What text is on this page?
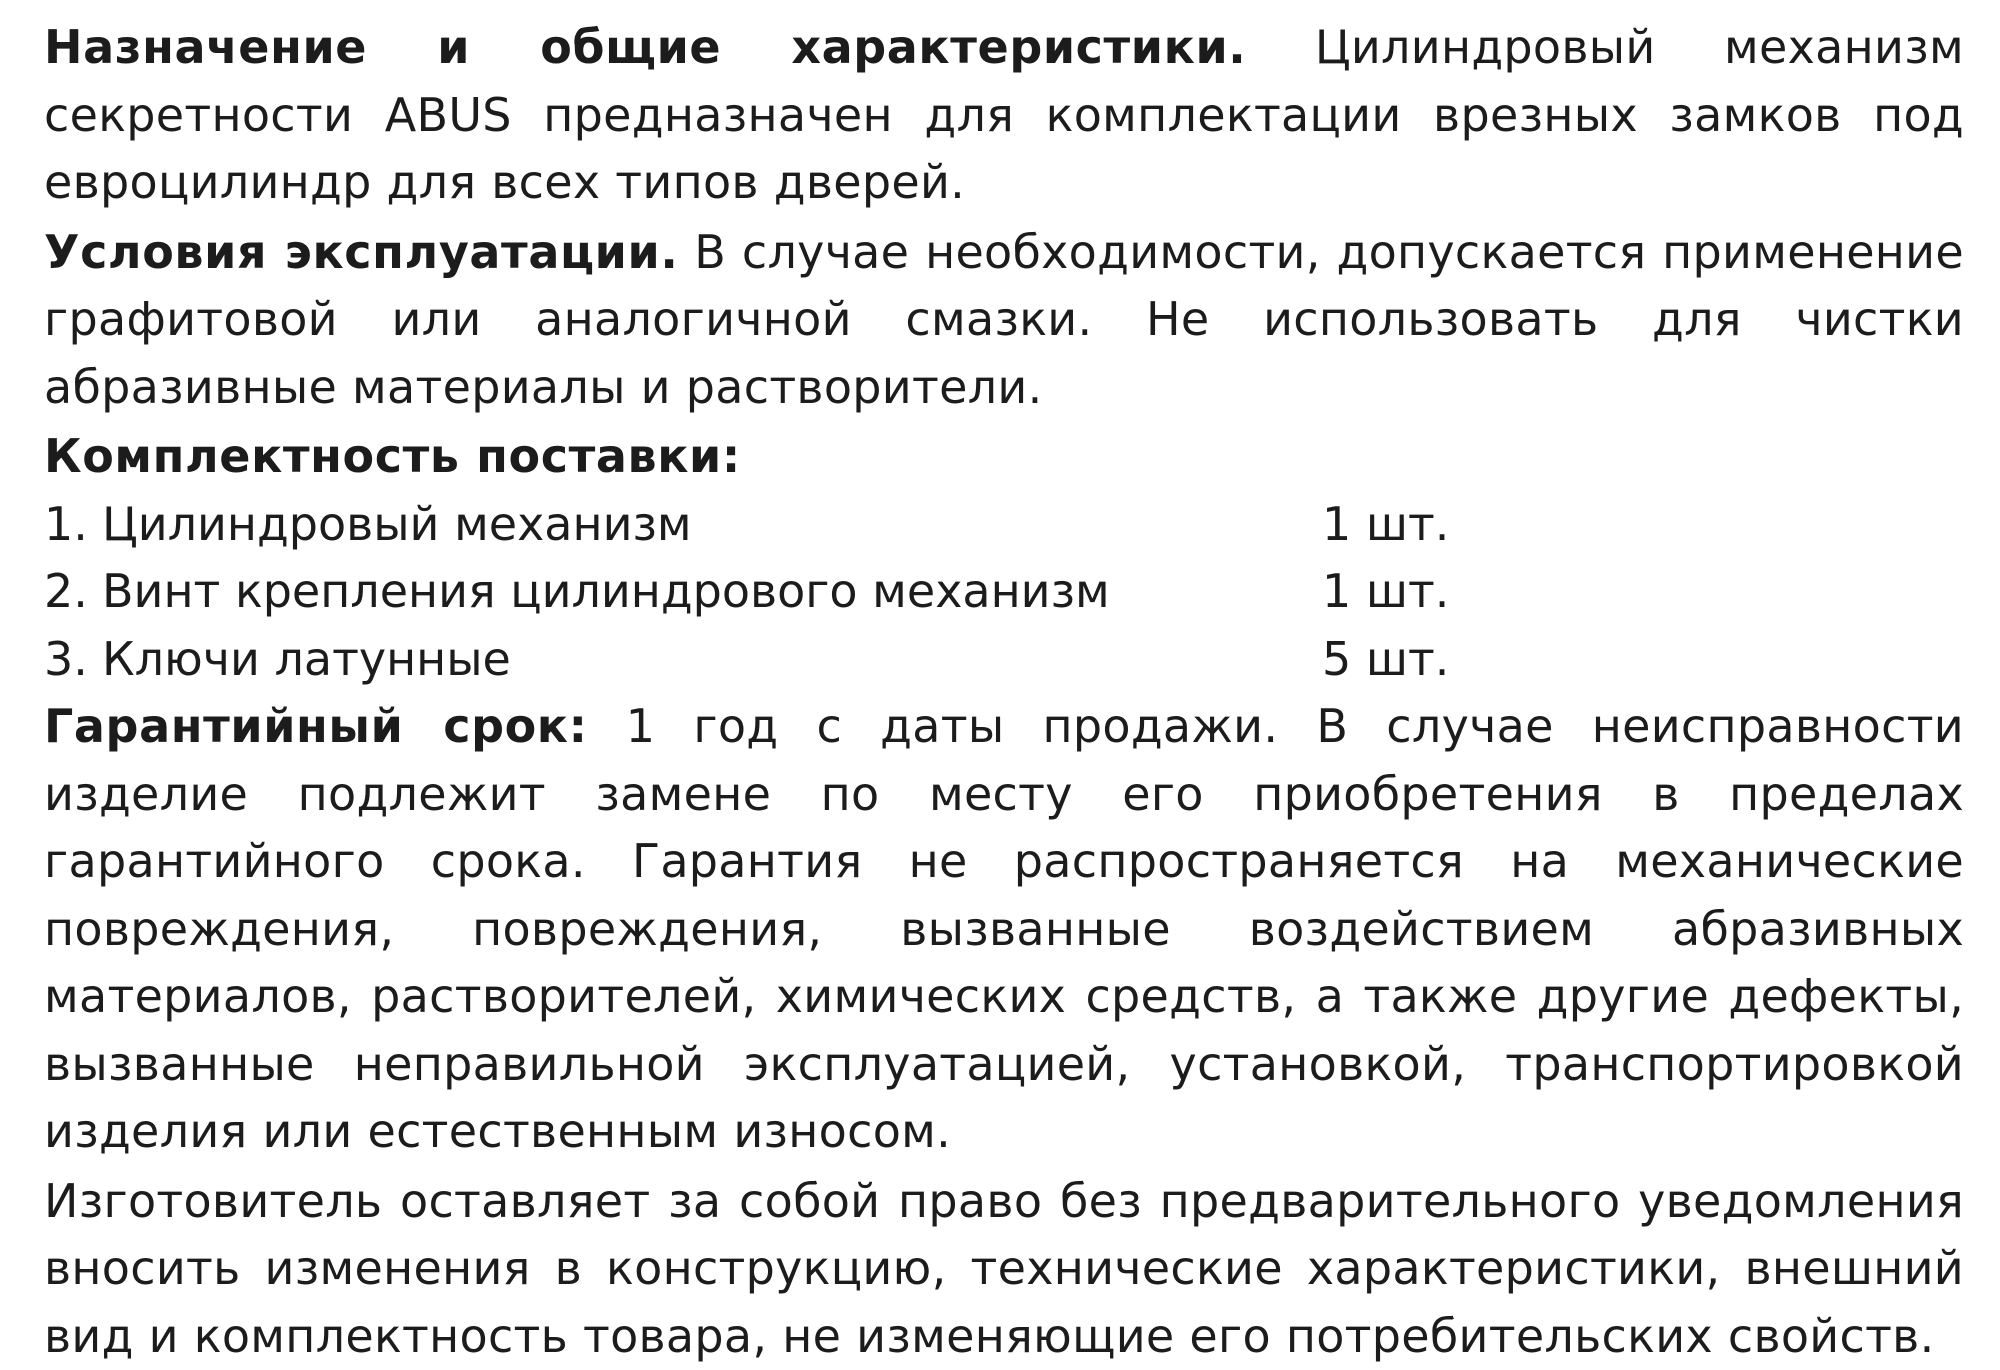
Назначение и общие характеристики. Цилиндровый механизм секретности ABUS предназначен для комплектации врезных замков под евроцилиндр для всех типов дверей.

Условия эксплуатации. В случае необходимости, допускается применение графитовой или аналогичной смазки. Не использовать для чистки абразивные материалы и растворители.

Комплектность поставки:
1. Цилиндровый механизм	1 шт.
2. Винт крепления цилиндрового механизм	1 шт.
3. Ключи латунные	5 шт.

Гарантийный срок: 1 год с даты продажи. В случае неисправности изделие подлежит замене по месту его приобретения в пределах гарантийного срока. Гарантия не распространяется на механические повреждения, повреждения, вызванные воздействием абразивных материалов, растворителей, химических средств, а также другие дефекты, вызванные неправильной эксплуатацией, установкой, транспортировкой изделия или естественным износом.

Изготовитель оставляет за собой право без предварительного уведомления вносить изменения в конструкцию, технические характеристики, внешний вид и комплектность товара, не изменяющие его потребительских свойств.
